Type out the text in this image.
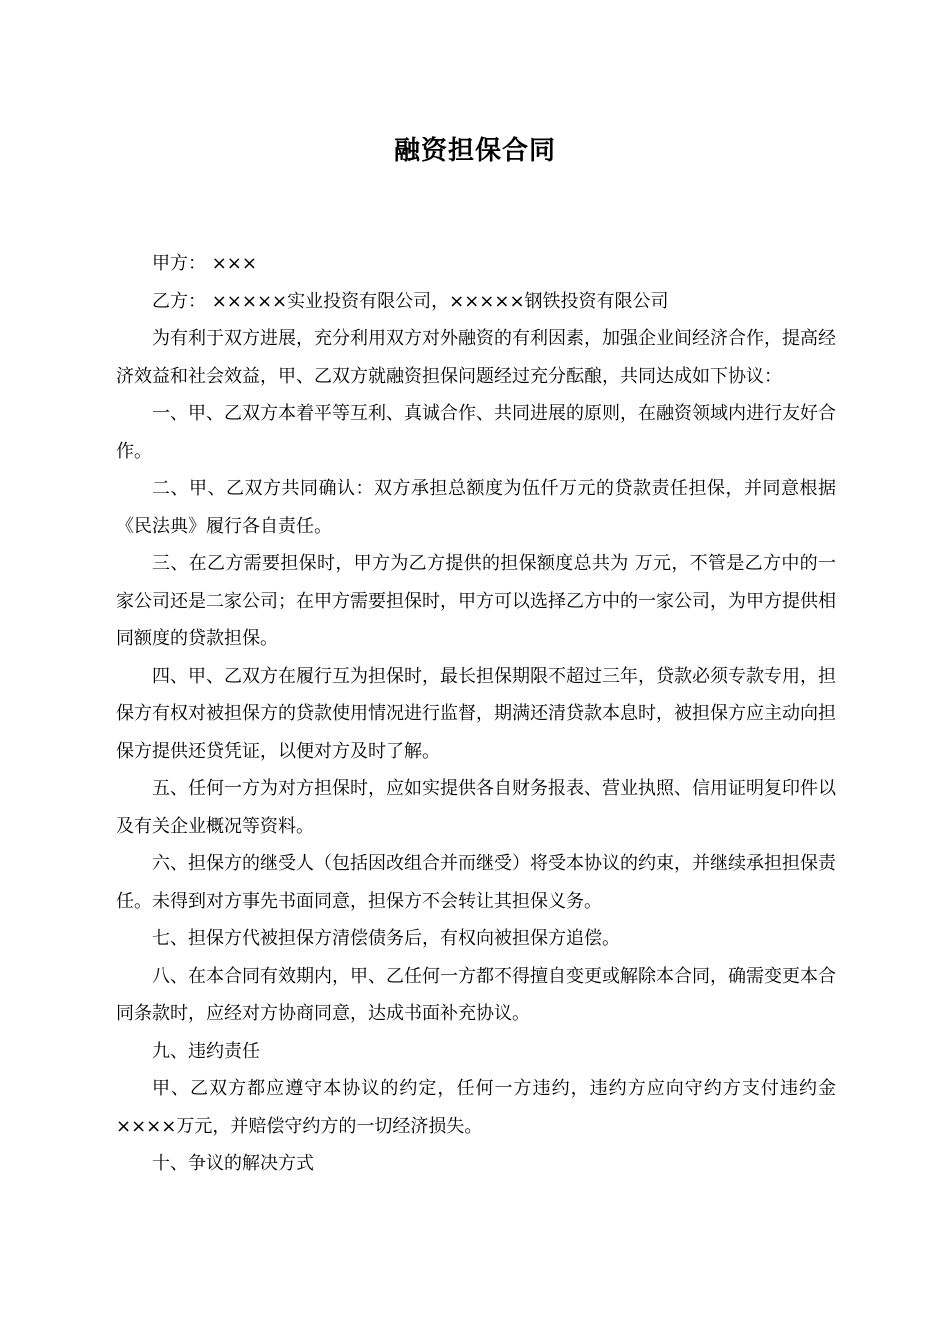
融资担保合同

甲方： ×××

乙方： ×××××实业投资有限公司，×××××钢铁投资有限公司

为有利于双方进展，充分利用双方对外融资的有利因素，加强企业间经济合作，提高经济效益和社会效益，甲、乙双方就融资担保问题经过充分酝酿，共同达成如下协议：

一、甲、乙双方本着平等互利、真诚合作、共同进展的原则，在融资领域内进行友好合作。

二、甲、乙双方共同确认：双方承担总额度为伍仟万元的贷款责任担保，并同意根据《民法典》履行各自责任。

三、在乙方需要担保时，甲方为乙方提供的担保额度总共为 万元，不管是乙方中的一家公司还是二家公司；在甲方需要担保时，甲方可以选择乙方中的一家公司，为甲方提供相同额度的贷款担保。

四、甲、乙双方在履行互为担保时，最长担保期限不超过三年，贷款必须专款专用，担保方有权对被担保方的贷款使用情况进行监督，期满还清贷款本息时，被担保方应主动向担保方提供还贷凭证，以便对方及时了解。

五、任何一方为对方担保时，应如实提供各自财务报表、营业执照、信用证明复印件以及有关企业概况等资料。

六、担保方的继受人（包括因改组合并而继受）将受本协议的约束，并继续承担担保责任。未得到对方事先书面同意，担保方不会转让其担保义务。

七、担保方代被担保方清偿债务后，有权向被担保方追偿。

八、在本合同有效期内，甲、乙任何一方都不得擅自变更或解除本合同，确需变更本合同条款时，应经对方协商同意，达成书面补充协议。

九、违约责任

甲、乙双方都应遵守本协议的约定，任何一方违约，违约方应向守约方支付违约金××××万元，并赔偿守约方的一切经济损失。

十、争议的解决方式
